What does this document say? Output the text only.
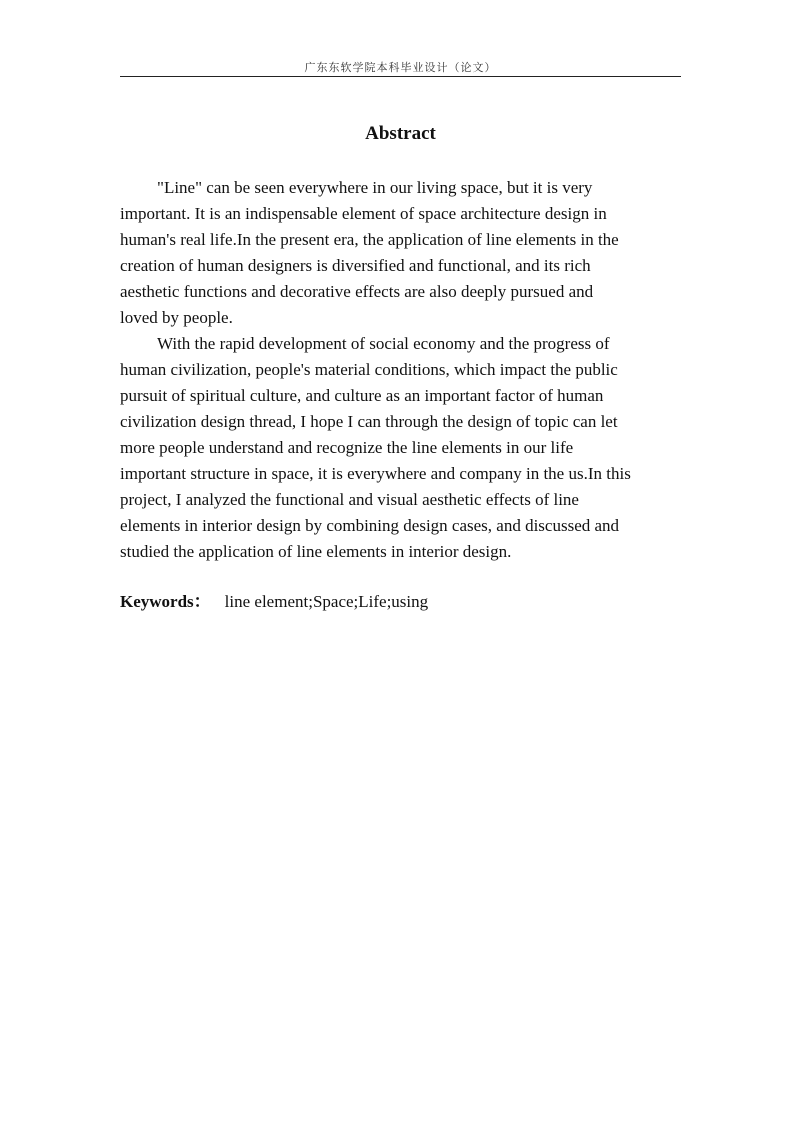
广东东软学院本科毕业设计（论文）
Abstract

"Line" can be seen everywhere in our living space, but it is very
important. It is an indispensable element of space architecture design in
human's real life.In the present era, the application of line elements in the
creation of human designers is diversified and functional, and its rich
aesthetic functions and decorative effects are also deeply pursued and
loved by people.

With the rapid development of social economy and the progress of
human civilization, people's material conditions, which impact the public
pursuit of spiritual culture, and culture as an important factor of human
civilization design thread, I hope I can through the design of topic can let
more people understand and recognize the line elements in our life
important structure in space, it is everywhere and company in the us.In this
project, I analyzed the functional and visual aesthetic effects of line
elements in interior design by combining design cases, and discussed and
studied the application of line elements in interior design.

Keywords： line element;Space;Life;using
